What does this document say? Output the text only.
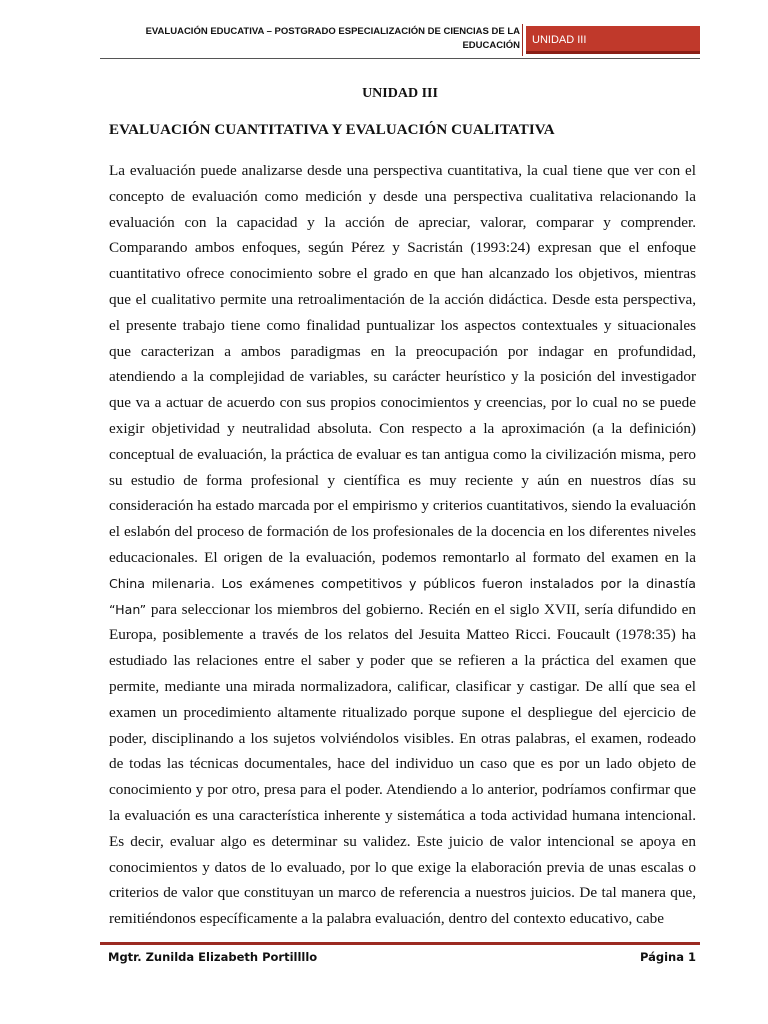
EVALUACIÓN EDUCATIVA – POSTGRADO ESPECIALIZACIÓN DE CIENCIAS DE LA
EDUCACIÓN	UNIDAD III
UNIDAD III
EVALUACIÓN CUANTITATIVA Y EVALUACIÓN CUALITATIVA

La evaluación puede analizarse desde una perspectiva cuantitativa, la cual tiene que ver con el concepto de evaluación como medición y desde una perspectiva cualitativa relacionando la evaluación con la capacidad y la acción de apreciar, valorar, comparar y comprender. Comparando ambos enfoques, según Pérez y Sacristán (1993:24) expresan que el enfoque cuantitativo ofrece conocimiento sobre el grado en que han alcanzado los objetivos, mientras que el cualitativo permite una retroalimentación de la acción didáctica. Desde esta perspectiva, el presente trabajo tiene como finalidad puntualizar los aspectos contextuales y situacionales que caracterizan a ambos paradigmas en la preocupación por indagar en profundidad, atendiendo a la complejidad de variables, su carácter heurístico y la posición del investigador que va a actuar de acuerdo con sus propios conocimientos y creencias, por lo cual no se puede exigir objetividad y neutralidad absoluta. Con respecto a la aproximación (a la definición) conceptual de evaluación, la práctica de evaluar es tan antigua como la civilización misma, pero su estudio de forma profesional y científica es muy reciente y aún en nuestros días su consideración ha estado marcada por el empirismo y criterios cuantitativos, siendo la evaluación el eslabón del proceso de formación de los profesionales de la docencia en los diferentes niveles educacionales. El origen de la evaluación, podemos remontarlo al formato del examen en la China milenaria. Los exámenes competitivos y públicos fueron instalados por la dinastía “Han” para seleccionar los miembros del gobierno. Recién en el siglo XVII, sería difundido en Europa, posiblemente a través de los relatos del Jesuita Matteo Ricci. Foucault (1978:35) ha estudiado las relaciones entre el saber y poder que se refieren a la práctica del examen que permite, mediante una mirada normalizadora, calificar, clasificar y castigar. De allí que sea el examen un procedimiento altamente ritualizado porque supone el despliegue del ejercicio de poder, disciplinando a los sujetos volviéndolos visibles. En otras palabras, el examen, rodeado de todas las técnicas documentales, hace del individuo un caso que es por un lado objeto de conocimiento y por otro, presa para el poder. Atendiendo a lo anterior, podríamos confirmar que la evaluación es una característica inherente y sistemática a toda actividad humana intencional. Es decir, evaluar algo es determinar su validez. Este juicio de valor intencional se apoya en conocimientos y datos de lo evaluado, por lo que exige la elaboración previa de unas escalas o criterios de valor que constituyan un marco de referencia a nuestros juicios. De tal manera que, remitiéndonos específicamente a la palabra evaluación, dentro del contexto educativo, cabe

Mgtr. Zunilda Elizabeth Portillllo	Página 1
